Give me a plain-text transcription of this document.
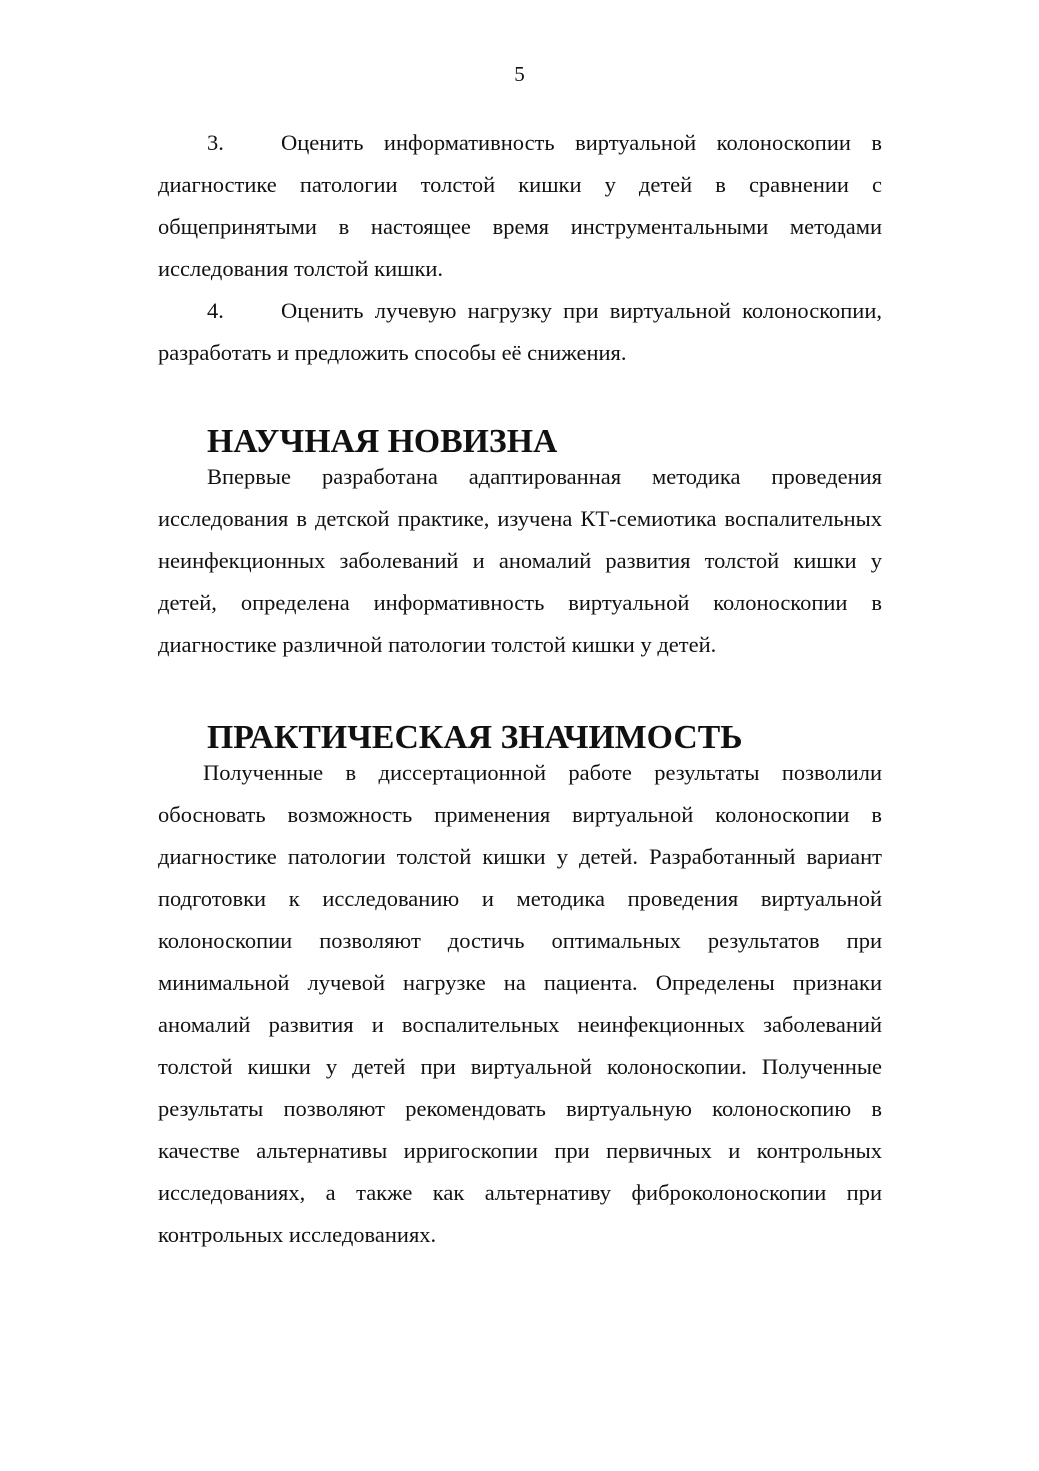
5

3.	Оценить информативность виртуальной колоноскопии в диагностике патологии толстой кишки у детей в сравнении с общепринятыми в настоящее время инструментальными методами исследования толстой кишки.

4.	Оценить лучевую нагрузку при виртуальной колоноскопии, разработать и предложить способы её снижения.

НАУЧНАЯ НОВИЗНА

Впервые разработана адаптированная методика проведения исследования в детской практике, изучена КТ-семиотика воспалительных неинфекционных заболеваний и аномалий развития толстой кишки у детей, определена информативность виртуальной колоноскопии в диагностике различной патологии толстой кишки у детей.

ПРАКТИЧЕСКАЯ ЗНАЧИМОСТЬ

Полученные в диссертационной работе результаты позволили обосновать возможность применения виртуальной колоноскопии в диагностике патологии толстой кишки у детей. Разработанный вариант подготовки к исследованию и методика проведения виртуальной колоноскопии позволяют достичь оптимальных результатов при минимальной лучевой нагрузке на пациента. Определены признаки аномалий развития и воспалительных неинфекционных заболеваний толстой кишки у детей при виртуальной колоноскопии. Полученные результаты позволяют рекомендовать виртуальную колоноскопию в качестве альтернативы ирригоскопии при первичных и контрольных исследованиях, а также как альтернативу фиброколоноскопии при контрольных исследованиях.
